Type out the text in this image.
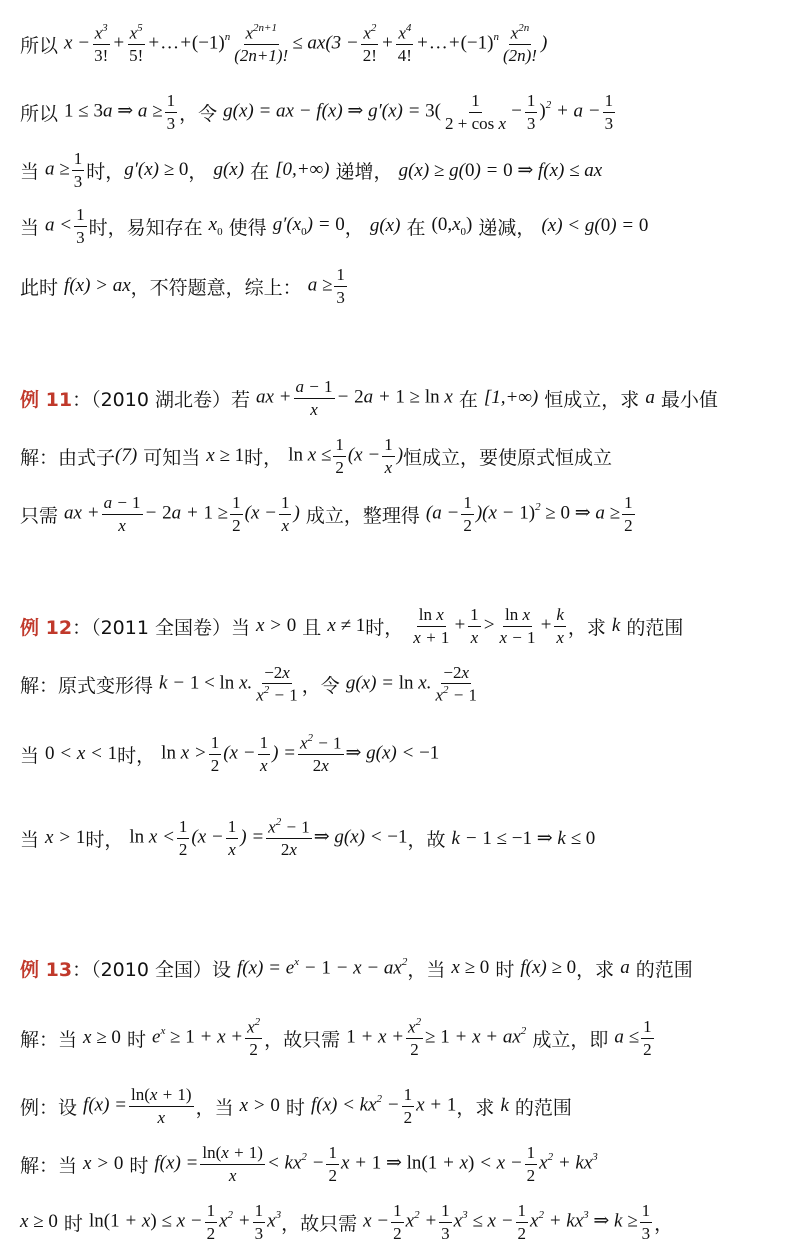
所以 $x - \frac{x^3}{3!} + \frac{x^5}{5!}$ $+\dots+(-1)^n \frac{x^{2n+1}}{(2n+1)!} \le ax(3 - \frac{x^2}{2!} + \frac{x^4}{4!}$ $+\dots+(-1)^n \frac{x^{2n}}{(2n)!}$ )
所以 1 ≤ 3a ⇒ $a \ge \frac{1}{3}$ ，令 g(x) = ax − f(x) ⇒ $g'(x) = 3( \frac{1}{\text{2 + cos x}} - \frac{1}{3} )^2 + a - \frac{1}{3}$
当 $a \ge \frac{1}{3}$ 时， g′(x) ≥ 0 ， g(x) 在 [0,+∞) 递增， g(x) ≥ g(0) = 0 ⇒ f(x) ≤ ax
当 $a < \frac{1}{3}$ 时，易知存在 $x_0$ 使得 $g'(x_0) = 0$ ， g(x) 在 $(0,x_0)$ 递减， (x) < g(0) = 0
此时 f(x) > ax ，不符题意，综上： $a \ge \frac{1}{3}$
例 11 ：（2010 湖北卷）若 ax + $\frac{a - 1}{x} - 2a + 1 \ge \ln x$ 在 [1,+∞) 恒成立，求 a 最小值
解：由式子 (7) 可知当 x ≥ 1 时， $\ln x \le \frac{1}{2} (x - \frac{1}{x}$ ) 恒成立，要使原式恒成立
只需 ax + $\frac{a - 1}{x} - 2a + 1 \ge \frac{1}{2} (x - \frac{1}{x}$ ) 成立，整理得 $(a - \frac{1}{2} )(x - 1)^2 \ge 0$ ⇒ $a \ge \frac{1}{2}$
例 12 ：（2011 全国卷）当 x > 0 且 x ≠ 1 时， $\frac{\text{ln x}}{x + 1} + \frac{1}{x} > \frac{\text{ln x}}{x - 1} + \frac{k}{x}$ ，求 k 的范围
解：原式变形得 k − 1 < ln x. $\frac{-2x}{x^2 - 1}$ ，令 g(x) = ln x. $\frac{-2x}{x^2 - 1}$
当 0 < x < 1 时， $\ln x > \frac{1}{2} (x - \frac{1}{x}$ ) = $\frac{x^2 - 1}{2x}$ ⇒ g(x) < −1
当 x > 1 时， $\ln x < \frac{1}{2} (x - \frac{1}{x}$ ) = $\frac{x^2 - 1}{2x}$ ⇒ g(x) < −1 ，故 k − 1 ≤ −1 ⇒ k ≤ 0
例 13 ：（2010 全国）设 $f(x) = e^x - 1 - x - ax^2$ ，当 x ≥ 0 时 f(x) ≥ 0 ，求 a 的范围
解：当 x ≥ 0 时 $e^x \ge 1 + x + \frac{x^2}{2}$ ，故只需 $1 + x + \frac{x^2}{2} \ge 1 + x + ax^2$ 成立，即 $a \le \frac{1}{2}$
例：设 $f(x) = \frac{\ln(x + 1)}{x}$ ，当 x > 0 时 $f(x) < kx^2 - \frac{1}{2}$ x + 1 ，求 k 的范围
解：当 x > 0 时 $f(x) = \frac{\ln(x + 1)}{x} < kx^2 - \frac{1}{2}$ x + 1 ⇒ $\ln(1 + x) < x - \frac{1}{2} x^2 + kx^3$
x ≥ 0 时 $\ln(1 + x) \le x - \frac{1}{2} x^2 + \frac{1}{3} x^3$ ，故只需 $x - \frac{1}{2} x^2 + \frac{1}{3} x^3 \le x - \frac{1}{2} x^2 + kx^3$ ⇒ $k \ge \frac{1}{3}$ ，
